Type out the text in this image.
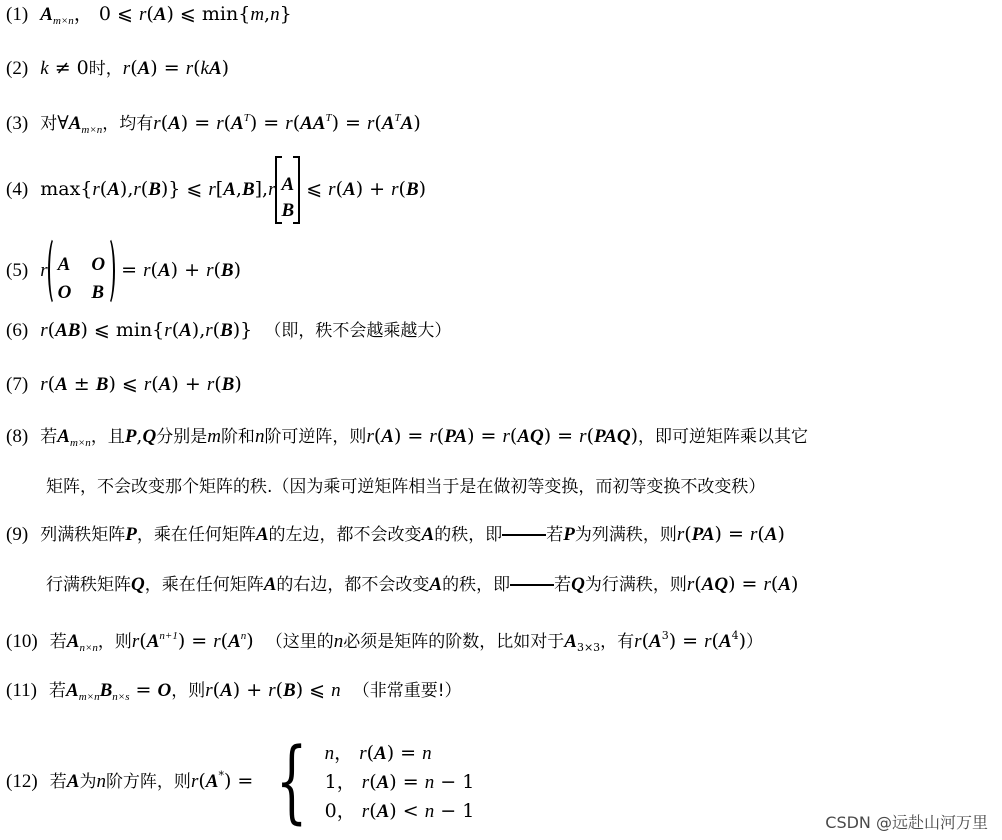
(1) $A_{m\times n}$， 0 ⩽ r(A) ⩽ min{m,n}
(2) k ≠ 0时，r(A) = r(kA)
(3) 对$\forall A_{m\times n}$，均有$r(A) = r(A^T) = r(AA^T) = r(A^TA)$
(4)  max{r(A),r(B)} ⩽ r[A,B],r A
B
⩽ r(A) + r(B)
(5) r A O
O B
= r(A) + r(B)
(6) r(AB) ⩽ min{r(A),r(B)}  （即，秩不会越乘越大）
(7) r(A ± B) ⩽ r(A) + r(B)
(8) 若$A_{m\times n}$，且P,Q分别是m阶和n阶可逆阵，则r(A) = r(PA) = r(AQ) = r(PAQ)，即可逆矩阵乘以其它
矩阵，不会改变那个矩阵的秩.（因为乘可逆矩阵相当于是在做初等变换，而初等变换不改变秩）
(9) 列满秩矩阵P，乘在任何矩阵A的左边，都不会改变A的秩，即	若P为列满秩，则r(PA) = r(A)
行满秩矩阵Q，乘在任何矩阵A的右边，都不会改变A的秩，即	若Q为行满秩，则r(AQ) = r(A)
(10) 若$A_{n\times n}$，则$r(A^{n+1}) = r(A^n)$  （这里的n必须是矩阵的阶数，比如对于$A_{3\times 3}$，有$r(A^3) = r(A^4)$）
(11) 若$A_{m\times n}B_{n\times s} = O$，则r(A) + r(B) ⩽ n （非常重要!）
(12) 若A为n阶方阵，则r(A*) = { n， r(A) = n
1， r(A) = n − 1
0， r(A) < n − 1
CSDN @远赴山河万里
